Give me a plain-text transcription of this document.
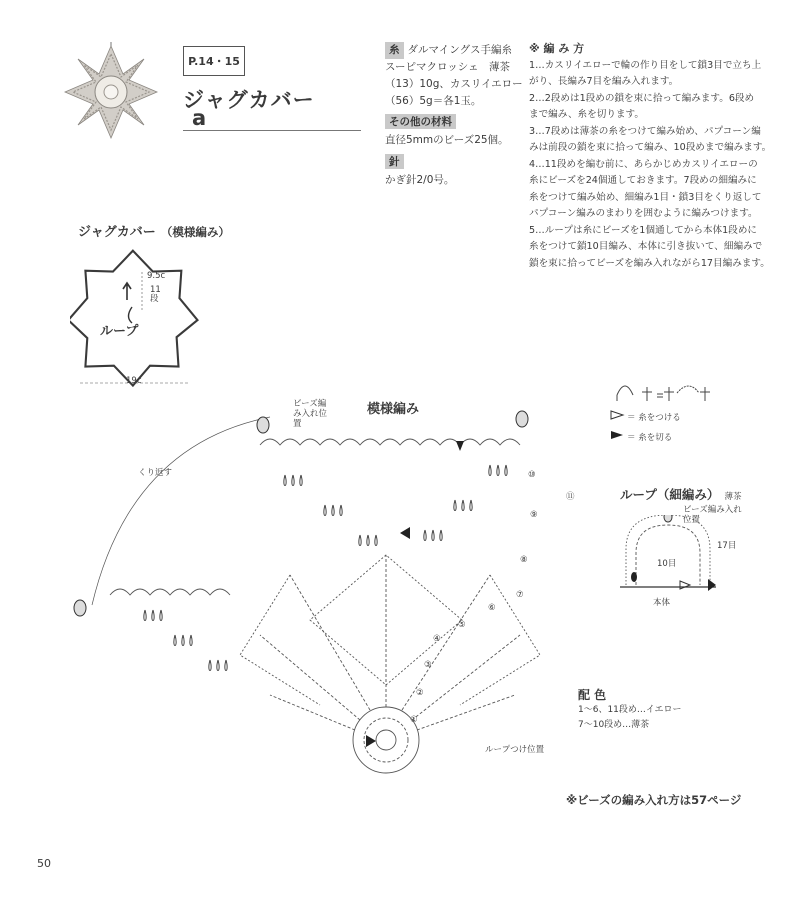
P.14・15
ジャグカバー
a
糸 ダルマイングス手編糸
スーピマクロッシェ　薄茶
（13）10g、カスリイエロー
（56）5g＝各1玉。
その他の材料
直径5mmのビーズ25個。
針
かぎ針2/0号。
※ 編 み 方

1…カスリイエローで輪の作り目をして鎖3目で立ち上

がり、長編み7目を編み入れます。

2…2段めは1段めの鎖を束に拾って編みます。6段め

まで編み、糸を切ります。

3…7段めは薄茶の糸をつけて編み始め、パプコーン編

みは前段の鎖を束に拾って編み、10段めまで編みます。

4…11段めを編む前に、あらかじめカスリイエローの

糸にビーズを24個通しておきます。7段めの細編みに

糸をつけて編み始め、細編み1目・鎖3目をくり返して

パプコーン編みのまわりを囲むように編みつけます。

5…ループは糸にビーズを1個通してから本体1段めに

糸をつけて鎖10目編み、本体に引き抜いて、細編みで

鎖を束に拾ってビーズを編み入れながら17目編みます。

ジャグカバー （模様編み）
9.5c
11段
ループ
19c
模様編み
ビーズ編み入れ位置
くり返す
ループつけ位置
⑪
⑩
⑨
⑧
⑦
⑥
⑤
④
③
②
①
＝ 糸をつける
＝ 糸を切る
ループ（細編み） 薄茶
ビーズ編み入れ位置
17目
10目
本体
配 色
1〜6、11段め…イエロー
7〜10段め…薄茶
※ビーズの編み入れ方は57ページ
50
